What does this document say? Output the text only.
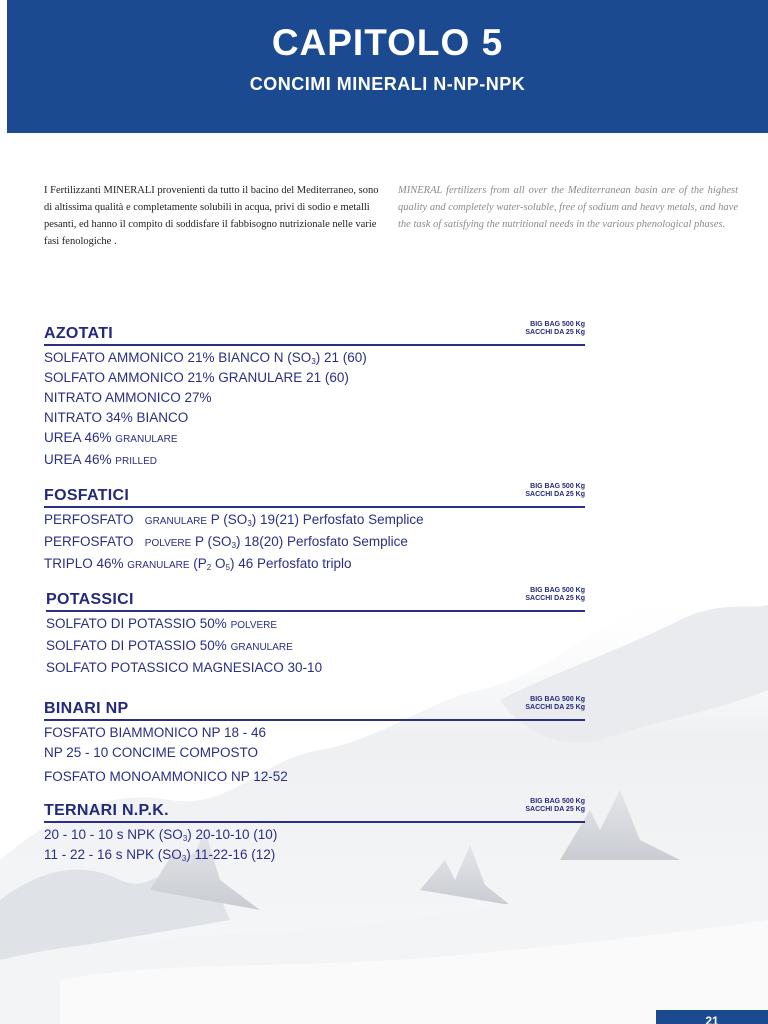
CAPITOLO 5
CONCIMI MINERALI N-NP-NPK
I Fertilizzanti MINERALI provenienti da tutto il bacino del Mediterraneo, sono di altissima qualità e completamente solubili in acqua, privi di sodio e metalli pesanti, ed hanno il compito di soddisfare il fabbisogno nutrizionale nelle varie fasi fenologiche .
MINERAL fertilizers from all over the Mediterranean basin are of the highest quality and completely water-soluble, free of sodium and heavy metals, and have the task of satisfying the nutritional needs in the various phenological phases.
AZOTATI
BIG BAG 500 Kg
SACCHI DA 25 Kg
SOLFATO AMMONICO 21% BIANCO N $(SO_3)$ 21 (60)
SOLFATO AMMONICO 21% GRANULARE 21 (60)
NITRATO AMMONICO 27%
NITRATO 34% BIANCO
UREA 46% GRANULARE
UREA 46% PRILLED
FOSFATICI
BIG BAG 500 Kg
SACCHI DA 25 Kg
PERFOSFATO   GRANULARE P $(SO_3)$ 19(21) Perfosfato Semplice
PERFOSFATO   POLVERE P $(SO_3)$ 18(20) Perfosfato Semplice
TRIPLO 46% GRANULARE ($P_2$ $O_5$) 46 Perfosfato triplo
POTASSICI
BIG BAG 500 Kg
SACCHI DA 25 Kg
SOLFATO DI POTASSIO 50% POLVERE
SOLFATO DI POTASSIO 50% GRANULARE
SOLFATO POTASSICO MAGNESIACO 30-10
BINARI NP
BIG BAG 500 Kg
SACCHI DA 25 Kg
FOSFATO BIAMMONICO NP 18 - 46
NP 25 - 10 CONCIME COMPOSTO
FOSFATO MONOAMMONICO NP 12-52
TERNARI N.P.K.
BIG BAG 500 Kg
SACCHI DA 25 Kg
20 - 10 - 10 s NPK $(SO_3)$ 20-10-10 (10)
11 - 22 - 16 s NPK $(SO_3)$ 11-22-16 (12)
21
